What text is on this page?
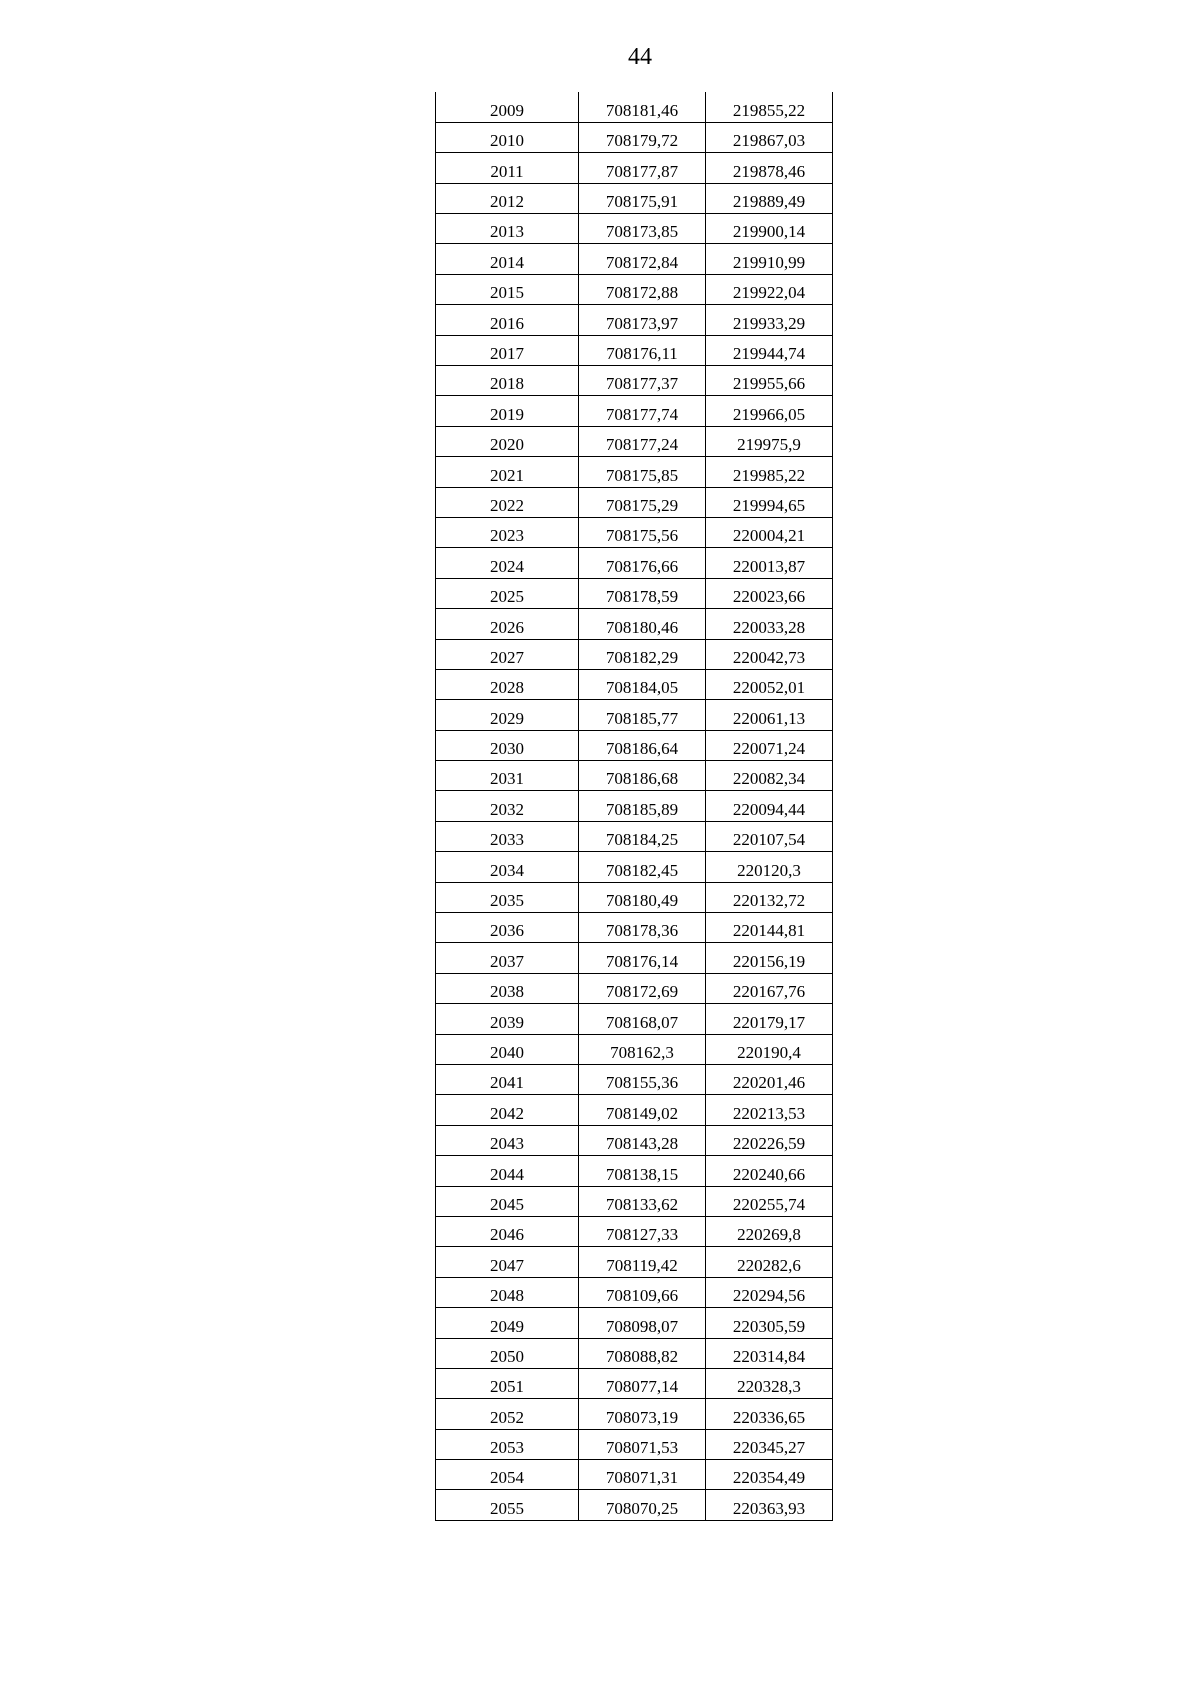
44
2009	708181,46	219855,22
2010	708179,72	219867,03
2011	708177,87	219878,46
2012	708175,91	219889,49
2013	708173,85	219900,14
2014	708172,84	219910,99
2015	708172,88	219922,04
2016	708173,97	219933,29
2017	708176,11	219944,74
2018	708177,37	219955,66
2019	708177,74	219966,05
2020	708177,24	219975,9
2021	708175,85	219985,22
2022	708175,29	219994,65
2023	708175,56	220004,21
2024	708176,66	220013,87
2025	708178,59	220023,66
2026	708180,46	220033,28
2027	708182,29	220042,73
2028	708184,05	220052,01
2029	708185,77	220061,13
2030	708186,64	220071,24
2031	708186,68	220082,34
2032	708185,89	220094,44
2033	708184,25	220107,54
2034	708182,45	220120,3
2035	708180,49	220132,72
2036	708178,36	220144,81
2037	708176,14	220156,19
2038	708172,69	220167,76
2039	708168,07	220179,17
2040	708162,3	220190,4
2041	708155,36	220201,46
2042	708149,02	220213,53
2043	708143,28	220226,59
2044	708138,15	220240,66
2045	708133,62	220255,74
2046	708127,33	220269,8
2047	708119,42	220282,6
2048	708109,66	220294,56
2049	708098,07	220305,59
2050	708088,82	220314,84
2051	708077,14	220328,3
2052	708073,19	220336,65
2053	708071,53	220345,27
2054	708071,31	220354,49
2055	708070,25	220363,93
